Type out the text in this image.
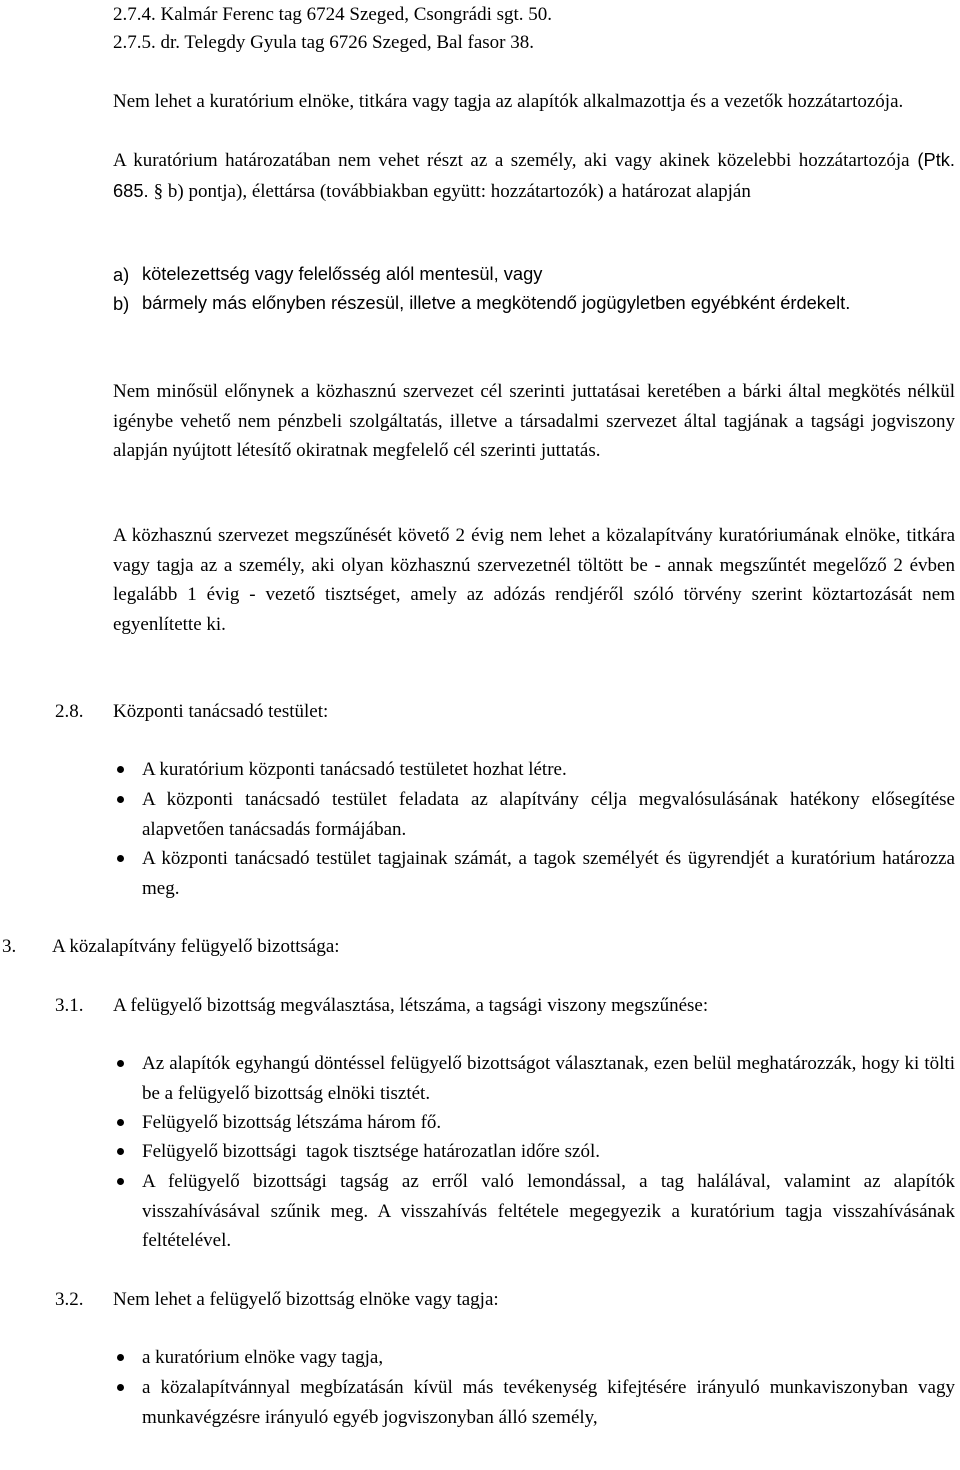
2.7.4. Kalmár Ferenc tag 6724 Szeged, Csongrádi sgt. 50.

2.7.5. dr. Telegdy Gyula tag 6726 Szeged, Bal fasor 38.

Nem lehet a kuratórium elnöke, titkára vagy tagja az alapítók alkalmazottja és a vezetők hozzátartozója.

A kuratórium határozatában nem vehet részt az a személy, aki vagy akinek közelebbi hozzátartozója (Ptk. 685. § b) pontja), élettársa (továbbiakban együtt: hozzátartozók) a határozat alapján

a) kötelezettség vagy felelősség alól mentesül, vagy

b) bármely más előnyben részesül, illetve a megkötendő jogügyletben egyébként érdekelt.

Nem minősül előnynek a közhasznú szervezet cél szerinti juttatásai keretében a bárki által megkötés nélkül igénybe vehető nem pénzbeli szolgáltatás, illetve a társadalmi szervezet által tagjának a tagsági jogviszony alapján nyújtott létesítő okiratnak megfelelő cél szerinti juttatás.

A közhasznú szervezet megszűnését követő 2 évig nem lehet a közalapítvány kuratóriumának elnöke, titkára vagy tagja az a személy, aki olyan közhasznú szervezetnél töltött be - annak megszűntét megelőző 2 évben legalább 1 évig - vezető tisztséget, amely az adózás rendjéről szóló törvény szerint köztartozását nem egyenlítette ki.

2.8. Központi tanácsadó testület:

A kuratórium központi tanácsadó testületet hozhat létre.

A központi tanácsadó testület feladata az alapítvány célja megvalósulásának hatékony elősegítése alapvetően tanácsadás formájában.

A központi tanácsadó testület tagjainak számát, a tagok személyét és ügyrendjét a kuratórium határozza meg.

3. A közalapítvány felügyelő bizottsága:
3.1. A felügyelő bizottság megválasztása, létszáma, a tagsági viszony megszűnése:

Az alapítók egyhangú döntéssel felügyelő bizottságot választanak, ezen belül meghatározzák, hogy ki tölti be a felügyelő bizottság elnöki tisztét.

Felügyelő bizottság létszáma három fő.

Felügyelő bizottsági  tagok tisztsége határozatlan időre szól.

A felügyelő bizottsági tagság az erről való lemondással, a tag halálával, valamint az alapítók visszahívásával szűnik meg. A visszahívás feltétele megegyezik a kuratórium tagja visszahívásának feltételével.

3.2. Nem lehet a felügyelő bizottság elnöke vagy tagja:

a kuratórium elnöke vagy tagja,

a közalapítvánnyal megbízatásán kívül más tevékenység kifejtésére irányuló munkaviszonyban vagy munkavégzésre irányuló egyéb jogviszonyban álló személy,
